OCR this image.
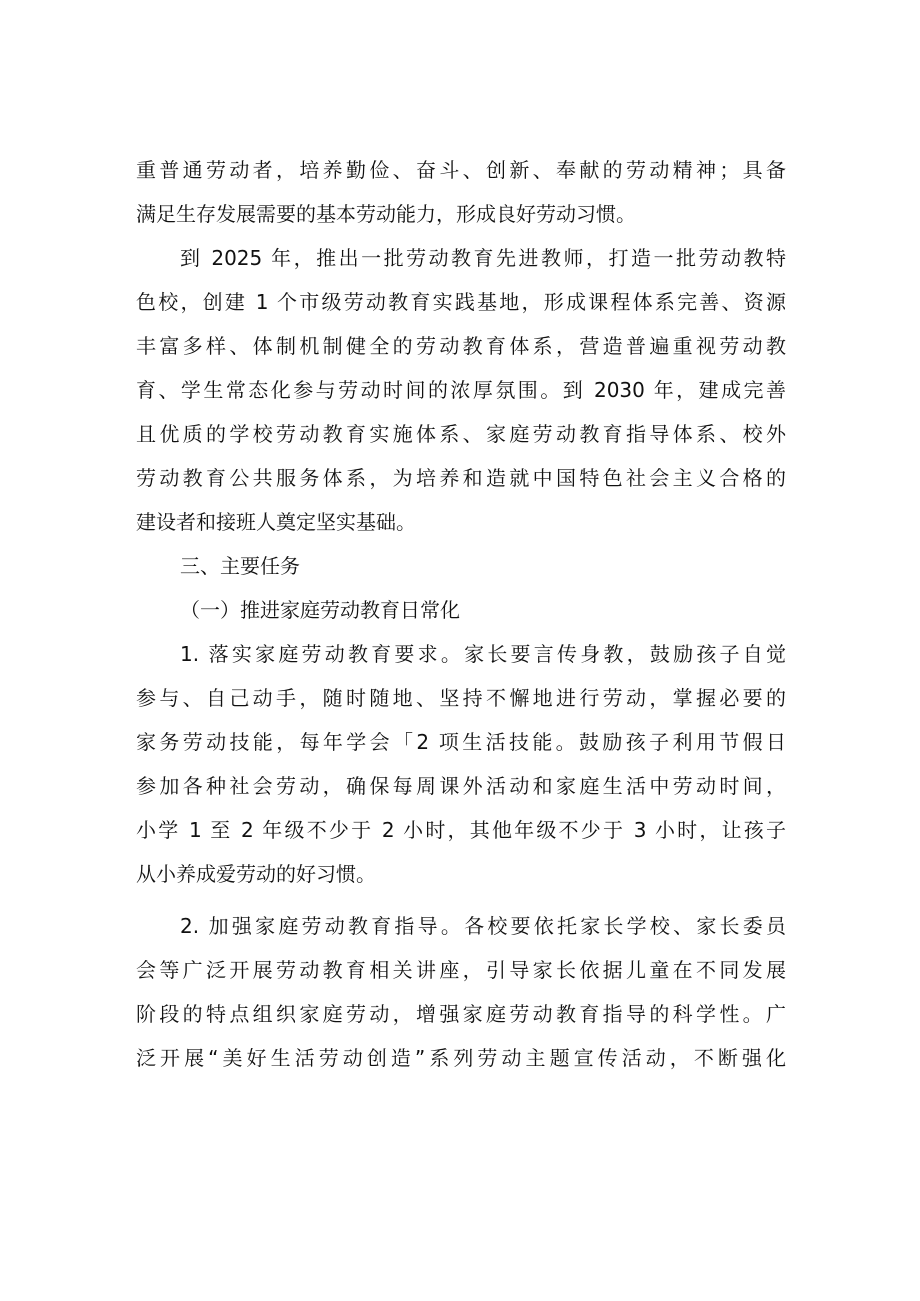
重普通劳动者，培养勤俭、奋斗、创新、奉献的劳动精神；具备
满足生存发展需要的基本劳动能力，形成良好劳动习惯。
到 2025 年，推出一批劳动教育先进教师，打造一批劳动教特
色校，创建 1 个市级劳动教育实践基地，形成课程体系完善、资源
丰富多样、体制机制健全的劳动教育体系，营造普遍重视劳动教
育、学生常态化参与劳动时间的浓厚氛围。到 2030 年，建成完善
且优质的学校劳动教育实施体系、家庭劳动教育指导体系、校外
劳动教育公共服务体系，为培养和造就中国特色社会主义合格的
建设者和接班人奠定坚实基础。
三、主要任务
（一）推进家庭劳动教育日常化
1. 落实家庭劳动教育要求。家长要言传身教，鼓励孩子自觉
参与、自己动手，随时随地、坚持不懈地进行劳动，掌握必要的
家务劳动技能，每年学会「2 项生活技能。鼓励孩子利用节假日
参加各种社会劳动，确保每周课外活动和家庭生活中劳动时间，
小学 1 至 2 年级不少于 2 小时，其他年级不少于 3 小时，让孩子
从小养成爱劳动的好习惯。
2. 加强家庭劳动教育指导。各校要依托家长学校、家长委员
会等广泛开展劳动教育相关讲座，引导家长依据儿童在不同发展
阶段的特点组织家庭劳动，增强家庭劳动教育指导的科学性。广
泛开展“美好生活劳动创造”系列劳动主题宣传活动，不断强化
